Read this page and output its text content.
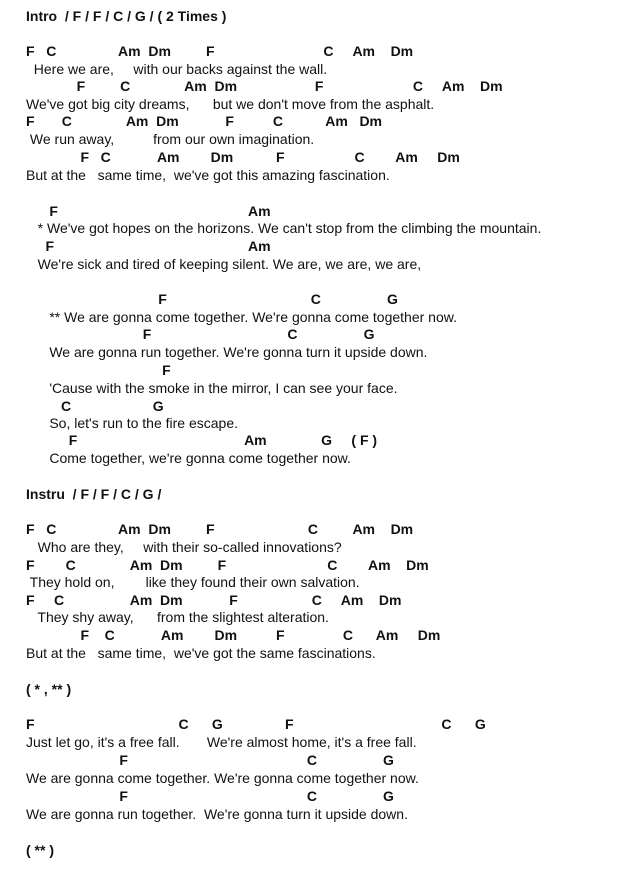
Intro  / F / F / C / G / ( 2 Times )
F   C                Am  Dm         F                            C     Am    Dm
Here we are,     with our backs against the wall.
F         C              Am  Dm                    F                       C     Am    Dm
We've got big city dreams,      but we don't move from the asphalt.
F       C              Am  Dm            F          C           Am   Dm
We run away,          from our own imagination.
F   C            Am        Dm           F                  C        Am     Dm
But at the   same time,  we've got this amazing fascination.
F                                                 Am
* We've got hopes on the horizons. We can't stop from the climbing the mountain.
F                                                  Am
We're sick and tired of keeping silent. We are, we are, we are,
F                                     C                 G
** We are gonna come together. We're gonna come together now.
F                                   C                 G
We are gonna run together. We're gonna turn it upside down.
F
'Cause with the smoke in the mirror, I can see your face.
C                     G
So, let's run to the fire escape.
F                                           Am              G     ( F )
Come together, we're gonna come together now.
Instru  / F / F / C / G /
F   C                Am  Dm         F                        C         Am    Dm
Who are they,     with their so-called innovations?
F        C              Am  Dm         F                          C        Am    Dm
They hold on,        like they found their own salvation.
F     C                 Am  Dm            F                   C     Am    Dm
They shy away,      from the slightest alteration.
F    C            Am        Dm          F               C      Am     Dm
But at the   same time,  we've got the same fascinations.
( * , ** )
F                                     C      G                F                                      C      G
Just let go, it's a free fall.       We're almost home, it's a free fall.
F                                              C                 G
We are gonna come together. We're gonna come together now.
F                                              C                 G
We are gonna run together.  We're gonna turn it upside down.
( ** )
